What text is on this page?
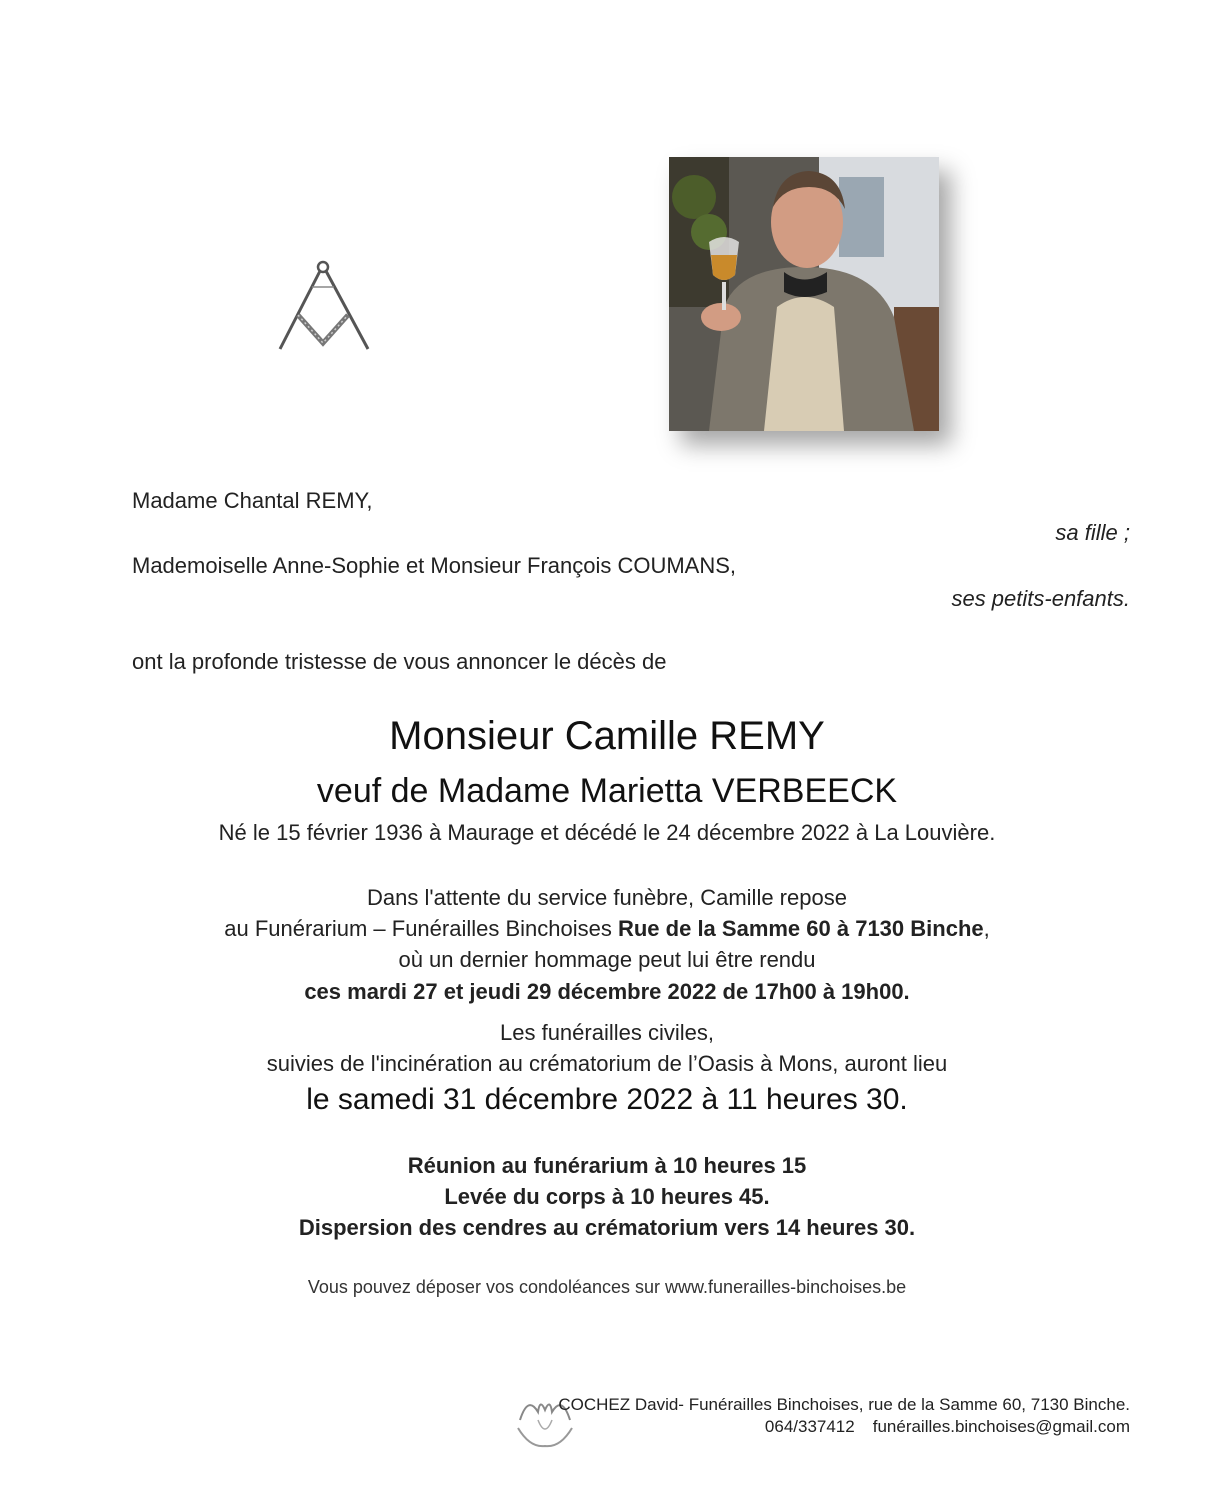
Madame Chantal REMY,
sa fille ;
Mademoiselle Anne-Sophie et Monsieur François COUMANS,
ses petits-enfants.
ont la profonde tristesse de vous annoncer le décès de
Monsieur Camille REMY
veuf de Madame Marietta VERBEECK
Né le 15 février 1936 à Maurage et décédé le 24 décembre 2022 à La Louvière.
Dans l'attente du service funèbre, Camille repose
au Funérarium – Funérailles Binchoises Rue de la Samme 60 à 7130 Binche,
où un dernier hommage peut lui être rendu
ces mardi 27 et jeudi 29 décembre 2022 de 17h00 à 19h00.
Les funérailles civiles,
suivies de l'incinération au crématorium de l’Oasis à Mons, auront lieu
le samedi 31 décembre 2022 à 11 heures 30.
Réunion au funérarium à 10 heures 15
Levée du corps à 10 heures 45.
Dispersion des cendres au crématorium vers 14 heures 30.
Vous pouvez déposer vos condoléances sur www.funerailles-binchoises.be
COCHEZ David- Funérailles Binchoises, rue de la Samme 60, 7130 Binche.
064/337412 funérailles.binchoises@gmail.com
